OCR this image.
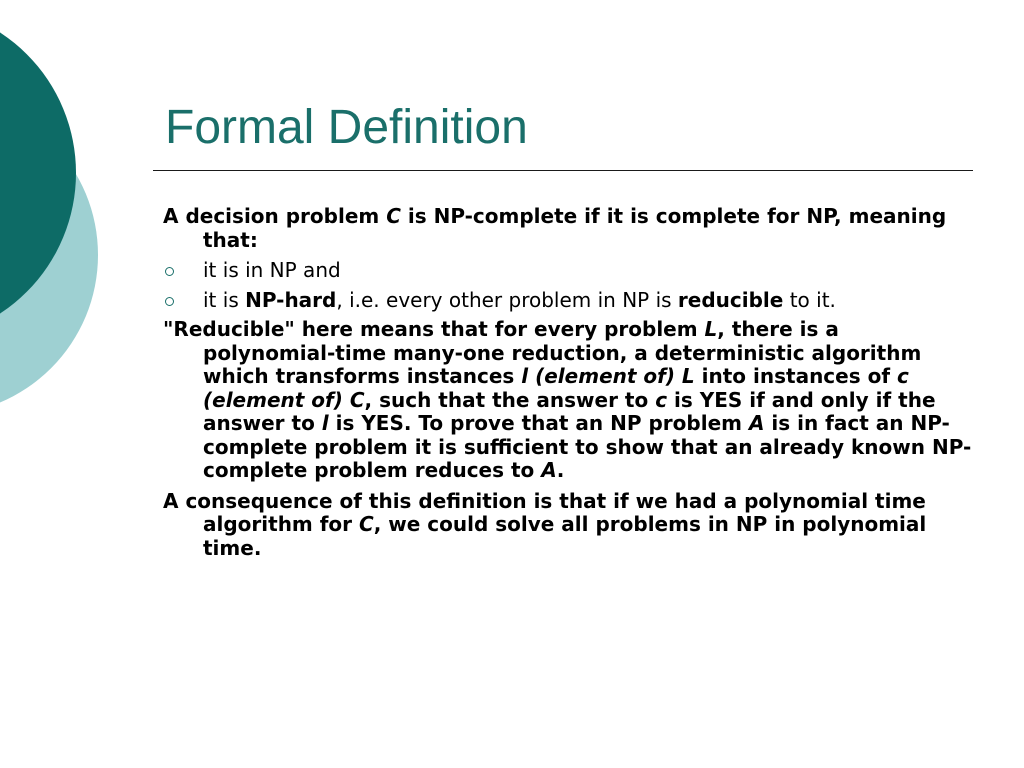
Formal Definition

A decision problem C is NP-complete if it is complete for NP, meaning that:

it is in NP and
it is NP-hard, i.e. every other problem in NP is reducible to it.

"Reducible" here means that for every problem L, there is a polynomial-time many-one reduction, a deterministic algorithm which transforms instances l (element of) L into instances of c (element of) C, such that the answer to c is YES if and only if the answer to l is YES. To prove that an NP problem A is in fact an NP-complete problem it is sufficient to show that an already known NP-complete problem reduces to A.

A consequence of this definition is that if we had a polynomial time algorithm for C, we could solve all problems in NP in polynomial time.
